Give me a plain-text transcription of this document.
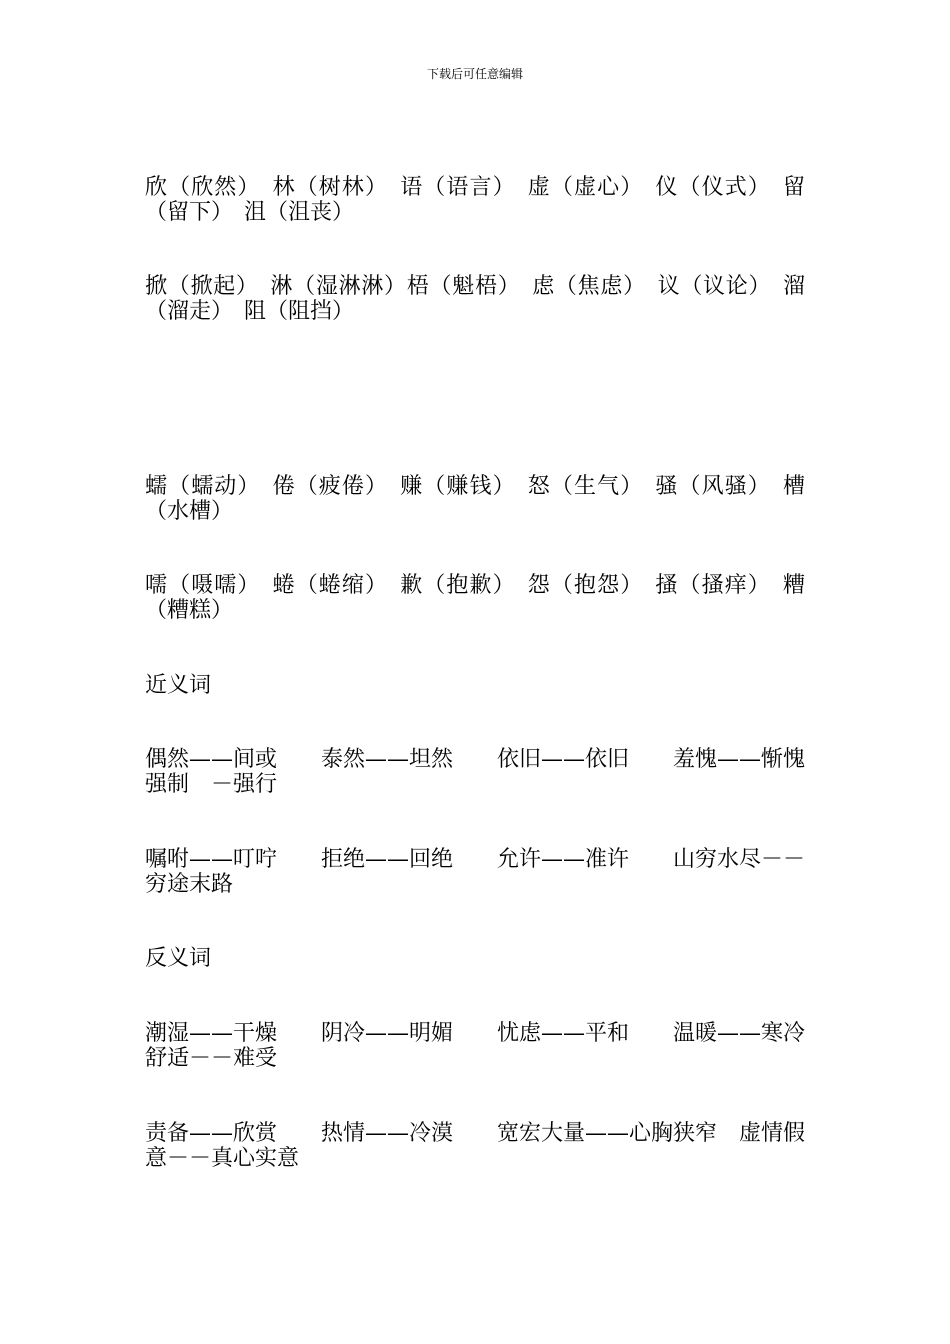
下载后可任意编辑

欣（欣然）　林（树林）　语（语言）　虚（虚心）　仪（仪式）　留（留下）　沮（沮丧）

掀（掀起）　淋（湿淋淋）梧（魁梧）　虑（焦虑）　议（议论）　溜（溜走）　阻（阻挡）

蠕（蠕动）　倦（疲倦）　赚（赚钱）　怒（生气）　骚（风骚）　槽（水槽）

嚅（嗫嚅）　蜷（蜷缩）　歉（抱歉）　怨（抱怨）　搔（搔痒）　糟（糟糕）

近义词

偶然——间或　　泰然——坦然　　依旧——依旧　　羞愧——惭愧　　强制　－强行

嘱咐——叮咛　　拒绝——回绝　　允许——准许　　山穷水尽－－穷途末路

反义词

潮湿——干燥　　阴冷——明媚　　忧虑——平和　　温暖——寒冷　　舒适－－难受

责备——欣赏　　热情——冷漠　　宽宏大量——心胸狭窄　虚情假意－－真心实意
